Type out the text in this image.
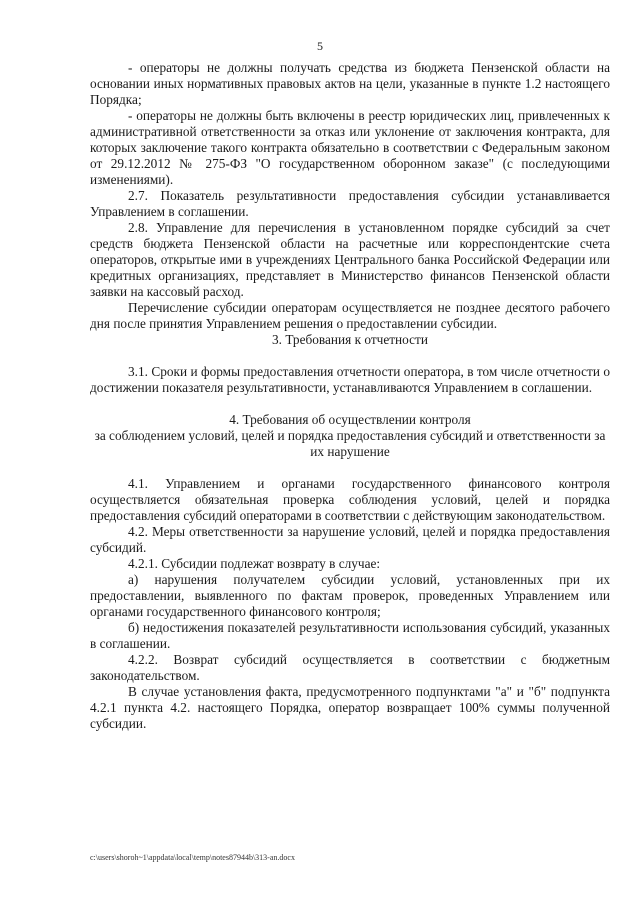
5

- операторы не должны получать средства из бюджета Пензенской области на основании иных нормативных правовых актов на цели, указанные в пункте 1.2 настоящего Порядка;

- операторы не должны быть включены в реестр юридических лиц, привлеченных к административной ответственности за отказ или уклонение от заключения контракта, для которых заключение такого контракта обязательно в соответствии с Федеральным законом от 29.12.2012 № 275-ФЗ "О государственном оборонном заказе" (с последующими изменениями).

2.7. Показатель результативности предоставления субсидии устанавливается Управлением в соглашении.

2.8. Управление для перечисления в установленном порядке субсидий за счет средств бюджета Пензенской области на расчетные или корреспондентские счета операторов, открытые ими в учреждениях Центрального банка Российской Федерации или кредитных организациях, представляет в Министерство финансов Пензенской области заявки на кассовый расход.

Перечисление субсидии операторам осуществляется не позднее десятого рабочего дня после принятия Управлением решения о предоставлении субсидии.

3. Требования к отчетности

3.1. Сроки и формы предоставления отчетности оператора, в том числе отчетности о достижении показателя результативности, устанавливаются Управлением в соглашении.

4. Требования об осуществлении контроля

за соблюдением условий, целей и порядка предоставления субсидий и ответственности за их нарушение

4.1. Управлением и органами государственного финансового контроля осуществляется обязательная проверка соблюдения условий, целей и порядка предоставления субсидий операторами в соответствии с действующим законодательством.

4.2. Меры ответственности за нарушение условий, целей и порядка предоставления субсидий.

4.2.1. Субсидии подлежат возврату в случае:

а) нарушения получателем субсидии условий, установленных при их предоставлении, выявленного по фактам проверок, проведенных Управлением или органами государственного финансового контроля;

б) недостижения показателей результативности использования субсидий, указанных в соглашении.

4.2.2. Возврат субсидий осуществляется в соответствии с бюджетным законодательством.

В случае установления факта, предусмотренного подпунктами "а" и "б" подпункта 4.2.1 пункта 4.2. настоящего Порядка, оператор возвращает 100% суммы полученной субсидии.

c:\users\shoroh~1\appdata\local\temp\notes87944b\313-an.docx
